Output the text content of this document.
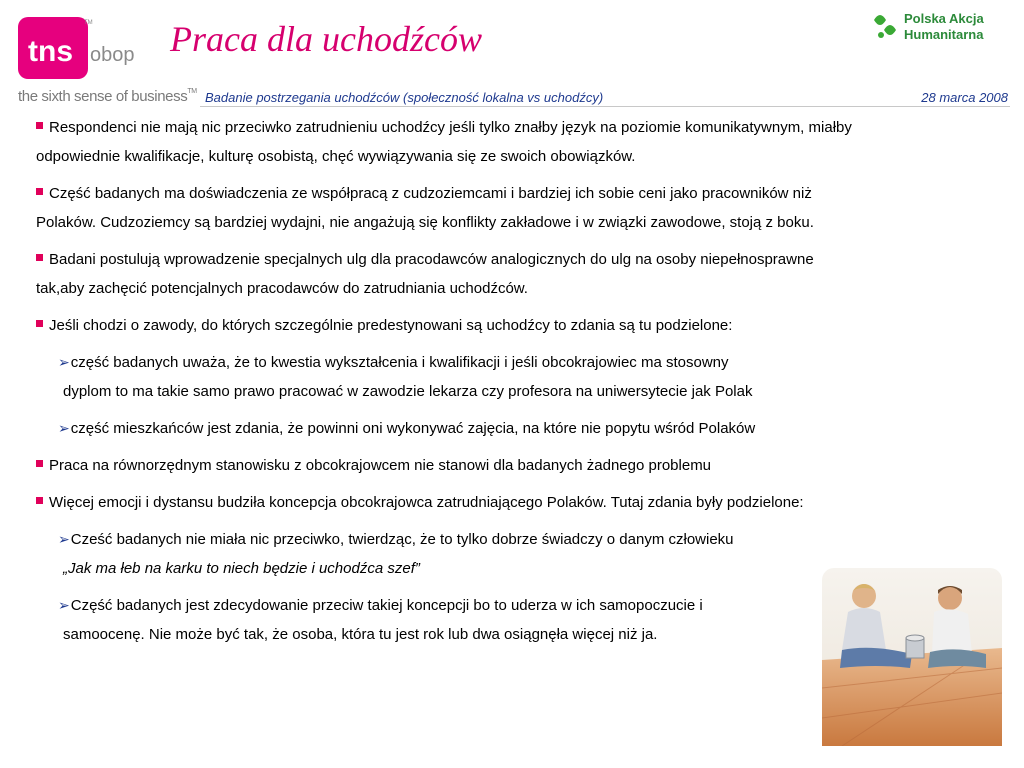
tns obop
TM Praca dla uchodźców
Polska Akcja
Humanitarna
the sixth sense of business™ Badanie postrzegania uchodźców (społeczność lokalna vs uchodźcy)	28 marca 2008
Respondenci nie mają nic przeciwko zatrudnieniu uchodźcy jeśli tylko znałby język na poziomie komunikatywnym, miałby odpowiednie kwalifikacje, kulturę osobistą, chęć wywiązywania się ze swoich obowiązków.
Część badanych ma doświadczenia ze współpracą z cudzoziemcami i bardziej ich sobie ceni jako pracowników niż Polaków. Cudzoziemcy są bardziej wydajni, nie angażują się konflikty zakładowe i w związki zawodowe, stoją z boku.
Badani postulują wprowadzenie specjalnych ulg dla pracodawców analogicznych do ulg na osoby niepełnosprawne tak,aby zachęcić potencjalnych pracodawców do zatrudniania uchodźców.
Jeśli chodzi o zawody, do których szczególnie predestynowani są uchodźcy to zdania są tu podzielone:
➢część badanych uważa, że to kwestia wykształcenia i kwalifikacji i jeśli obcokrajowiec ma stosowny
dyplom to ma takie samo prawo pracować w zawodzie lekarza czy profesora na uniwersytecie jak Polak
➢część mieszkańców jest zdania, że powinni oni wykonywać zajęcia, na które nie popytu wśród Polaków
Praca na równorzędnym stanowisku z obcokrajowcem nie stanowi dla badanych żadnego problemu
Więcej emocji i dystansu budziła koncepcja obcokrajowca zatrudniającego Polaków. Tutaj zdania były podzielone:
➢Cześć badanych nie miała nic przeciwko, twierdząc, że to tylko dobrze świadczy o danym człowieku
„Jak ma łeb na karku to niech będzie i uchodźca szef”
➢Część badanych jest zdecydowanie przeciw takiej koncepcji bo to uderza w ich samopoczucie i
samoocenę. Nie może być tak, że osoba, która tu jest rok lub dwa osiągnęła więcej niż ja.
